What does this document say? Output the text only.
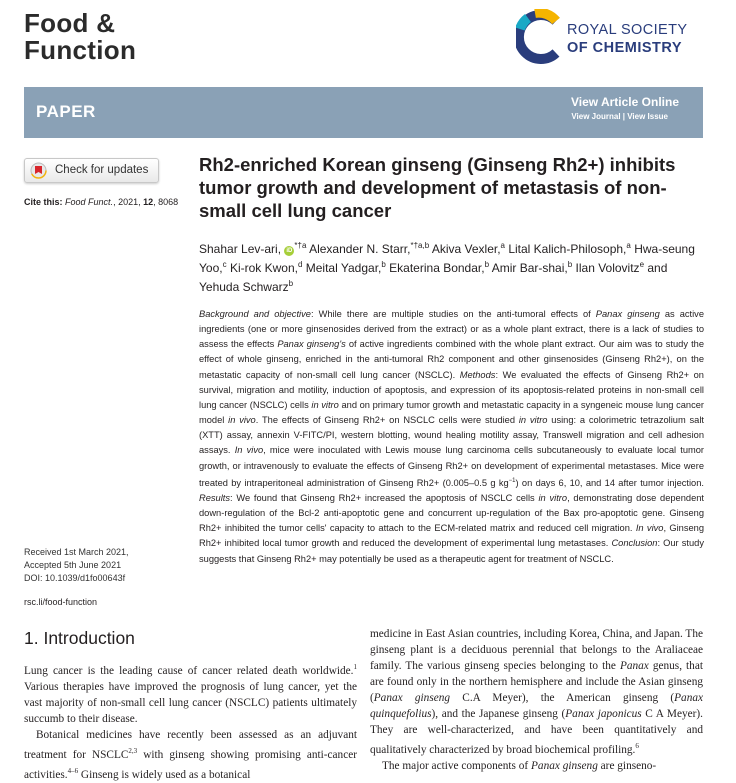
Food &
Function
ROYAL SOCIETY
OF CHEMISTRY
PAPER	View Article Online
View Journal | View Issue
Check for updates
Cite this: Food Funct., 2021, 12, 8068
Rh2-enriched Korean ginseng (Ginseng Rh2+) inhibits tumor growth and development of metastasis of non-small cell lung cancer
Shahar Lev-ari, $iD^{*\dagger a}$ Alexander N. Starr,$^{*\dagger a,b}$ Akiva Vexler,$^a$ Lital Kalich-Philosoph,$^a$ Hwa-seung Yoo,$^c$ Ki-rok Kwon,$^d$ Meital Yadgar,$^b$ Ekaterina Bondar,$^b$ Amir Bar-shai,$^b$ Ilan Volovitz$^e$ and Yehuda Schwarz$^b$
Background and objective: While there are multiple studies on the anti-tumoral effects of Panax ginseng as active ingredients (one or more ginsenosides derived from the extract) or as a whole plant extract, there is a lack of studies to assess the effects Panax ginseng's of active ingredients combined with the whole plant extract. Our aim was to study the effect of whole ginseng, enriched in the anti-tumoral Rh2 component and other ginsenosides (Ginseng Rh2+), on the metastatic capacity of non-small cell lung cancer (NSCLC). Methods: We evaluated the effects of Ginseng Rh2+ on survival, migration and motility, induction of apoptosis, and expression of its apoptosis-related proteins in non-small cell lung cancer (NSCLC) cells in vitro and on primary tumor growth and metastatic capacity in a syngeneic mouse lung cancer model in vivo. The effects of Ginseng Rh2+ on NSCLC cells were studied in vitro using: a colorimetric tetrazolium salt (XTT) assay, annexin V-FITC/PI, western blotting, wound healing motility assay, Transwell migration and cell adhesion assays. In vivo, mice were inoculated with Lewis mouse lung carcinoma cells subcutaneously to evaluate local tumor growth, or intravenously to evaluate the effects of Ginseng Rh2+ on development of experimental metastases. Mice were treated by intraperitoneal administration of Ginseng Rh2+ (0.005–0.5 g $kg^{-1}$) on days 6, 10, and 14 after tumor injection. Results: We found that Ginseng Rh2+ increased the apoptosis of NSCLC cells in vitro, demonstrating dose dependent down-regulation of the Bcl-2 anti-apoptotic gene and concurrent up-regulation of the Bax pro-apoptotic gene. Ginseng Rh2+ inhibited the tumor cells' capacity to attach to the ECM-related matrix and reduced cell migration. In vivo, Ginseng Rh2+ inhibited local tumor growth and reduced the development of experimental lung metastases. Conclusion: Our study suggests that Ginseng Rh2+ may potentially be used as a therapeutic agent for treatment of NSCLC.
Received 1st March 2021,
Accepted 5th June 2021
DOI: 10.1039/d1fo00643f
rsc.li/food-function
1. Introduction

Lung cancer is the leading cause of cancer related death worldwide.$^1$ Various therapies have improved the prognosis of lung cancer, yet the vast majority of non-small cell lung cancer (NSCLC) patients ultimately succumb to their disease.

Botanical medicines have recently been assessed as an adjuvant treatment for NSCLC$^{2,3}$ with ginseng showing promising anti-cancer activities.$^{4-6}$ Ginseng is widely used as a botanical

medicine in East Asian countries, including Korea, China, and Japan. The ginseng plant is a deciduous perennial that belongs to the Araliaceae family. The various ginseng species belonging to the Panax genus, that are found only in the northern hemisphere and include the Asian ginseng (Panax ginseng C.A Meyer), the American ginseng (Panax quinquefolius), and the Japanese ginseng (Panax japonicus C A Meyer). They are well-characterized, and have been quantitatively and qualitatively characterized by broad biochemical profiling.$^6$

The major active components of Panax ginseng are ginseno-
